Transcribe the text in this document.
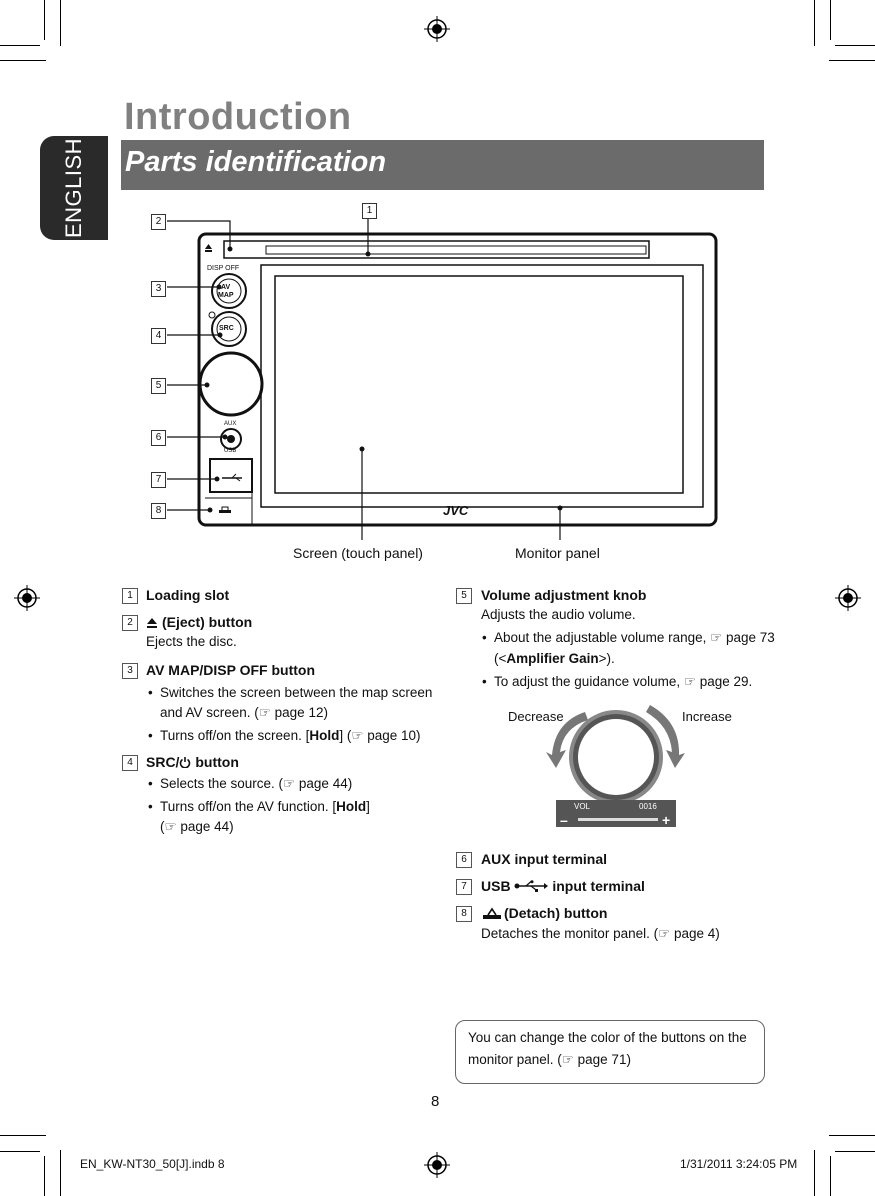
ENGLISH
Introduction
Parts identification
DISP OFF
AV
MAP
SRC
AUX
USB
JVC
1
2
3
4
5
6
7
8
Screen (touch panel)	Monitor panel
1 Loading slot
2	(Eject) button
Ejects the disc.
3 AV MAP/DISP OFF button
• Switches the screen between the map screen
and AV screen. (☞ page 12)
• Turns off/on the screen. [Hold] (☞ page 10)
4 SRC/ button
• Selects the source. (☞ page 44)
• Turns off/on the AV function. [Hold]
(☞ page 44)
5	Volume adjustment knob
Adjusts the audio volume.
• About the adjustable volume range, ☞ page 73
(<Amplifier Gain>).
• To adjust the guidance volume, ☞ page 29.
Decrease	Increase
VOL	0016
–	+
6	AUX input terminal
7	USB	input terminal
8	(Detach) button
Detaches the monitor panel. (☞ page 4)
You can change the color of the buttons on the
monitor panel. (☞ page 71)
8
EN_KW-NT30_50[J].indb 8	1/31/2011 3:24:05 PM
